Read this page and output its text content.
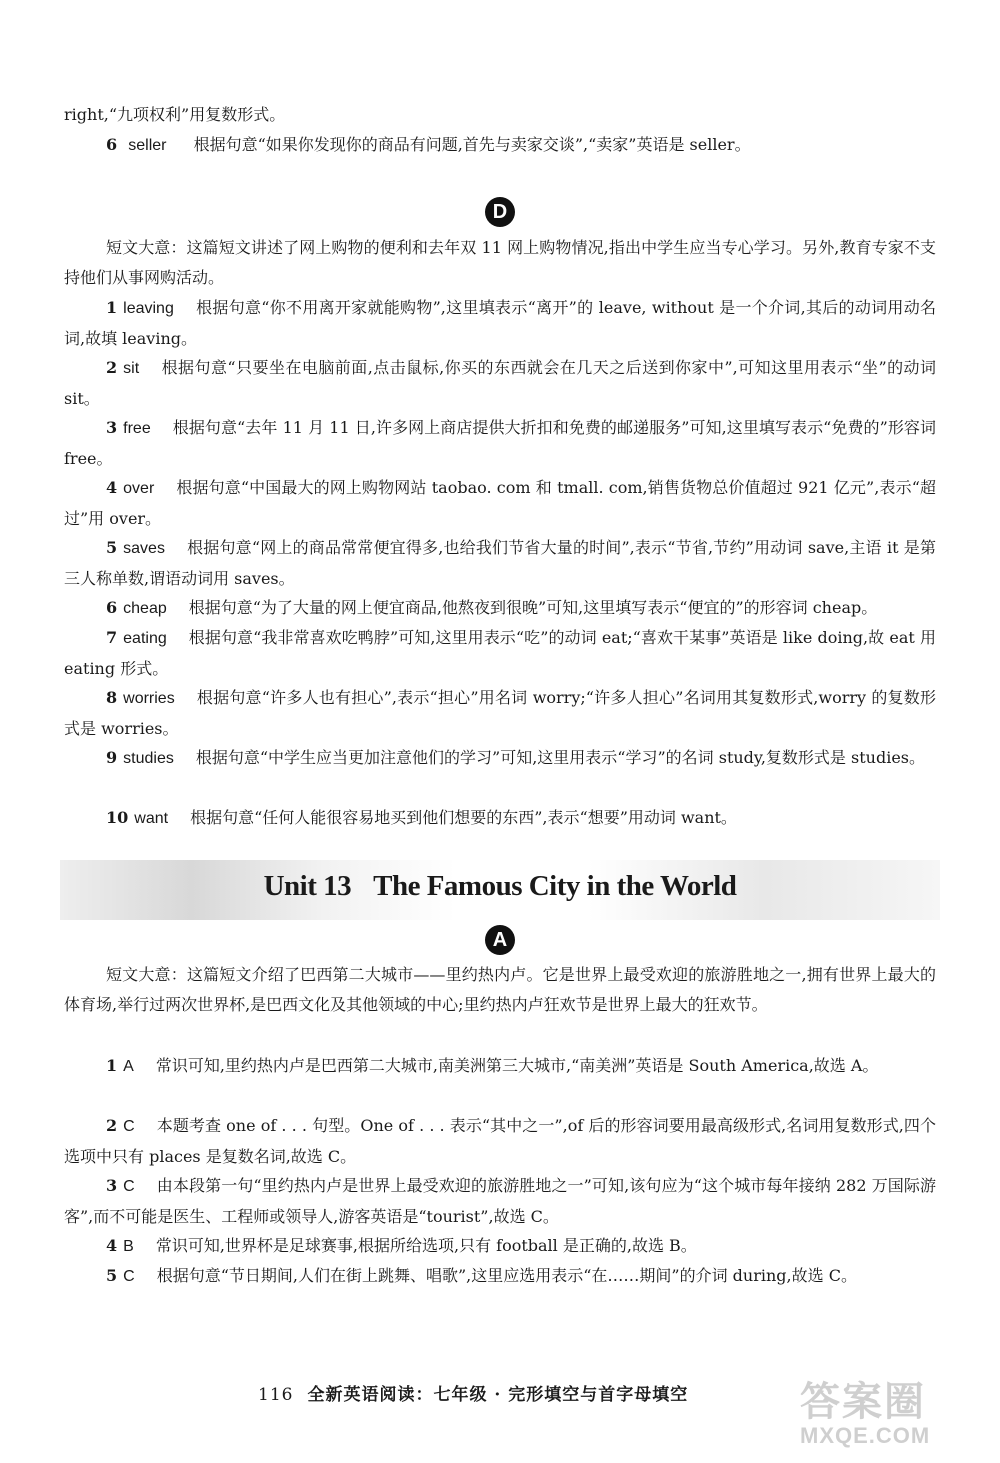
right,“九项权利”用复数形式。

6 seller 根据句意“如果你发现你的商品有问题,首先与卖家交谈”,“卖家”英语是 seller。

D

短文大意：这篇短文讲述了网上购物的便利和去年双 11 网上购物情况,指出中学生应当专心学习。另外,教育专家不支持他们从事网购活动。

1 leaving 根据句意“你不用离开家就能购物”,这里填表示“离开”的 leave, without 是一个介词,其后的动词用动名词,故填 leaving。

2 sit 根据句意“只要坐在电脑前面,点击鼠标,你买的东西就会在几天之后送到你家中”,可知这里用表示“坐”的动词 sit。

3 free 根据句意“去年 11 月 11 日,许多网上商店提供大折扣和免费的邮递服务”可知,这里填写表示“免费的”形容词 free。

4 over 根据句意“中国最大的网上购物网站 taobao. com 和 tmall. com,销售货物总价值超过 921 亿元”,表示“超过”用 over。

5 saves 根据句意“网上的商品常常便宜得多,也给我们节省大量的时间”,表示“节省,节约”用动词 save,主语 it 是第三人称单数,谓语动词用 saves。

6 cheap 根据句意“为了大量的网上便宜商品,他熬夜到很晚”可知,这里填写表示“便宜的”的形容词 cheap。

7 eating 根据句意“我非常喜欢吃鸭脖”可知,这里用表示“吃”的动词 eat;“喜欢干某事”英语是 like doing,故 eat 用 eating 形式。

8 worries 根据句意“许多人也有担心”,表示“担心”用名词 worry;“许多人担心”名词用其复数形式,worry 的复数形式是 worries。

9 studies 根据句意“中学生应当更加注意他们的学习”可知,这里用表示“学习”的名词 study,复数形式是 studies。

10 want 根据句意“任何人能很容易地买到他们想要的东西”,表示“想要”用动词 want。

Unit 13 The Famous City in the World
A

短文大意：这篇短文介绍了巴西第二大城市——里约热内卢。它是世界上最受欢迎的旅游胜地之一,拥有世界上最大的体育场,举行过两次世界杯,是巴西文化及其他领域的中心;里约热内卢狂欢节是世界上最大的狂欢节。

1 A 常识可知,里约热内卢是巴西第二大城市,南美洲第三大城市,“南美洲”英语是 South America,故选 A。

2 C 本题考查 one of . . . 句型。One of . . . 表示“其中之一”,of 后的形容词要用最高级形式,名词用复数形式,四个选项中只有 places 是复数名词,故选 C。

3 C 由本段第一句“里约热内卢是世界上最受欢迎的旅游胜地之一”可知,该句应为“这个城市每年接纳 282 万国际游客”,而不可能是医生、工程师或领导人,游客英语是“tourist”,故选 C。

4 B 常识可知,世界杯是足球赛事,根据所给选项,只有 football 是正确的,故选 B。

5 C 根据句意“节日期间,人们在街上跳舞、唱歌”,这里应选用表示“在……期间”的介词 during,故选 C。

116 全新英语阅读：七年级 · 完形填空与首字母填空	答案圈
MXQE.COM
